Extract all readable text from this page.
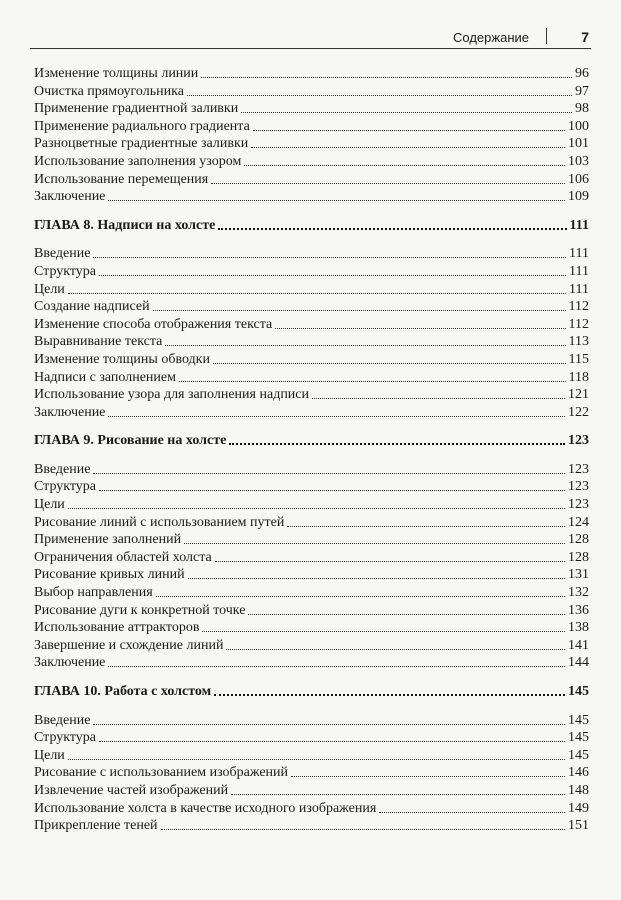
Содержание	7
Изменение толщины линии	96
Очистка прямоугольника	97
Применение градиентной заливки	98
Применение радиального градиента	100
Разноцветные градиентные заливки	101
Использование заполнения узором	103
Использование перемещения	106
Заключение	109
ГЛАВА 8. Надписи на холсте	111
Введение	111
Структура	111
Цели	111
Создание надписей	112
Изменение способа отображения текста	112
Выравнивание текста	113
Изменение толщины обводки	115
Надписи с заполнением	118
Использование узора для заполнения надписи	121
Заключение	122
ГЛАВА 9. Рисование на холсте	123
Введение	123
Структура	123
Цели	123
Рисование линий с использованием путей	124
Применение заполнений	128
Ограничения областей холста	128
Рисование кривых линий	131
Выбор направления	132
Рисование дуги к конкретной точке	136
Использование аттракторов	138
Завершение и схождение линий	141
Заключение	144
ГЛАВА 10. Работа с холстом	145
Введение	145
Структура	145
Цели	145
Рисование с использованием изображений	146
Извлечение частей изображений	148
Использование холста в качестве исходного изображения	149
Прикрепление теней	151
